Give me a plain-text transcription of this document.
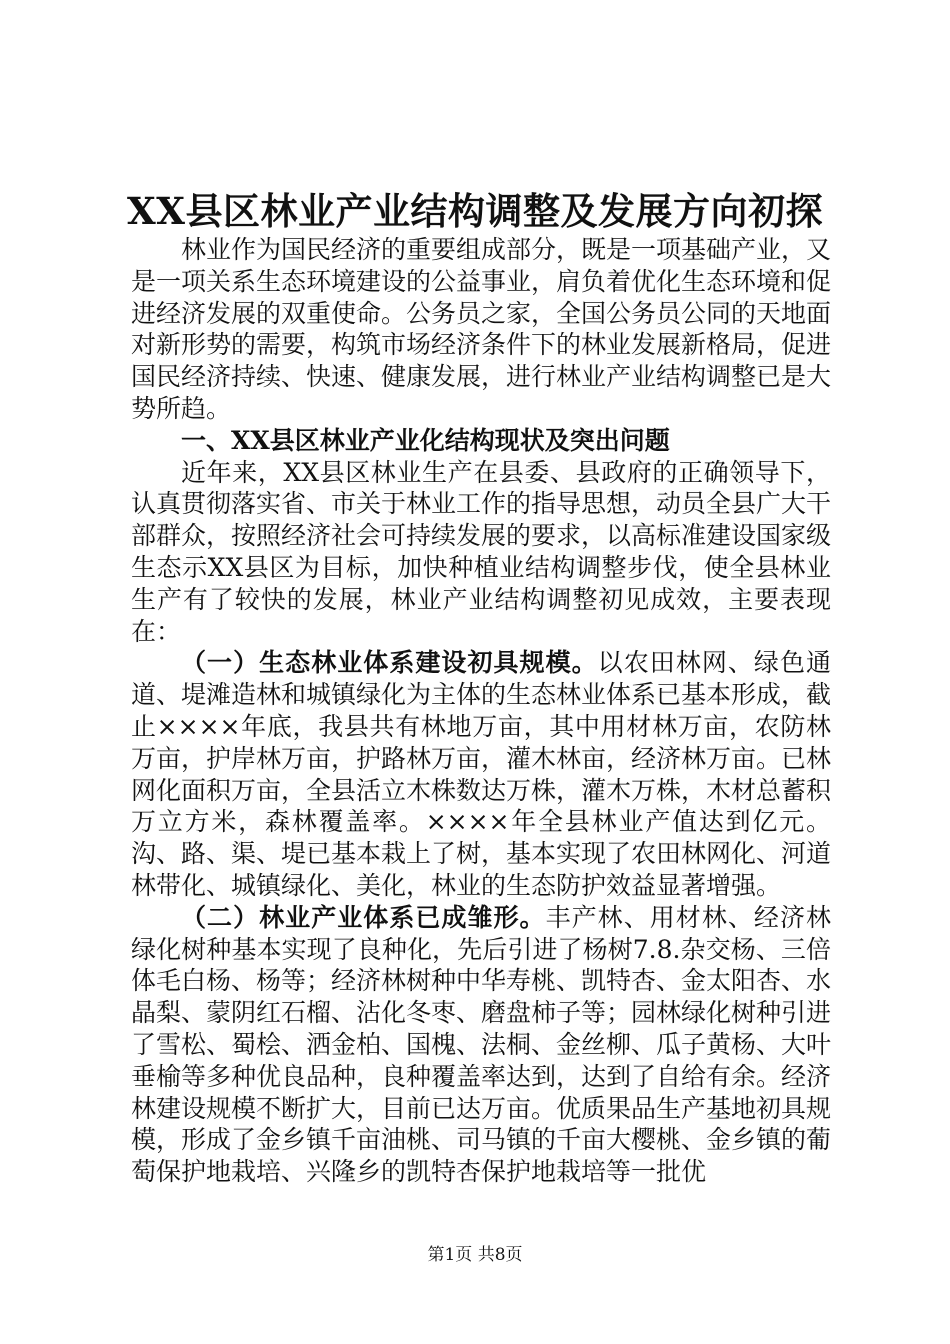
XX县区林业产业结构调整及发展方向初探

林业作为国民经济的重要组成部分，既是一项基础产业，又是一项关系生态环境建设的公益事业，肩负着优化生态环境和促进经济发展的双重使命。公务员之家，全国公务员公同的天地面对新形势的需要，构筑市场经济条件下的林业发展新格局，促进国民经济持续、快速、健康发展，进行林业产业结构调整已是大势所趋。

一、XX县区林业产业化结构现状及突出问题

近年来，XX县区林业生产在县委、县政府的正确领导下，认真贯彻落实省、市关于林业工作的指导思想，动员全县广大干部群众，按照经济社会可持续发展的要求，以高标准建设国家级生态示XX县区为目标，加快种植业结构调整步伐，使全县林业生产有了较快的发展，林业产业结构调整初见成效，主要表现在：

（一）生态林业体系建设初具规模。以农田林网、绿色通道、堤滩造林和城镇绿化为主体的生态林业体系已基本形成，截止××××年底，我县共有林地万亩，其中用材林万亩，农防林万亩，护岸林万亩，护路林万亩，灌木林亩，经济林万亩。已林网化面积万亩，全县活立木株数达万株，灌木万株，木材总蓄积万立方米，森林覆盖率。××××年全县林业产值达到亿元。沟、路、渠、堤已基本栽上了树，基本实现了农田林网化、河道林带化、城镇绿化、美化，林业的生态防护效益显著增强。

（二）林业产业体系已成雏形。丰产林、用材林、经济林绿化树种基本实现了良种化，先后引进了杨树7.8.杂交杨、三倍体毛白杨、杨等；经济林树种中华寿桃、凯特杏、金太阳杏、水晶梨、蒙阴红石榴、沾化冬枣、磨盘柿子等；园林绿化树种引进了雪松、蜀桧、洒金柏、国槐、法桐、金丝柳、瓜子黄杨、大叶垂榆等多种优良品种，良种覆盖率达到，达到了自给有余。经济林建设规模不断扩大，目前已达万亩。优质果品生产基地初具规模，形成了金乡镇千亩油桃、司马镇的千亩大樱桃、金乡镇的葡萄保护地栽培、兴隆乡的凯特杏保护地栽培等一批优

第1页 共8页
